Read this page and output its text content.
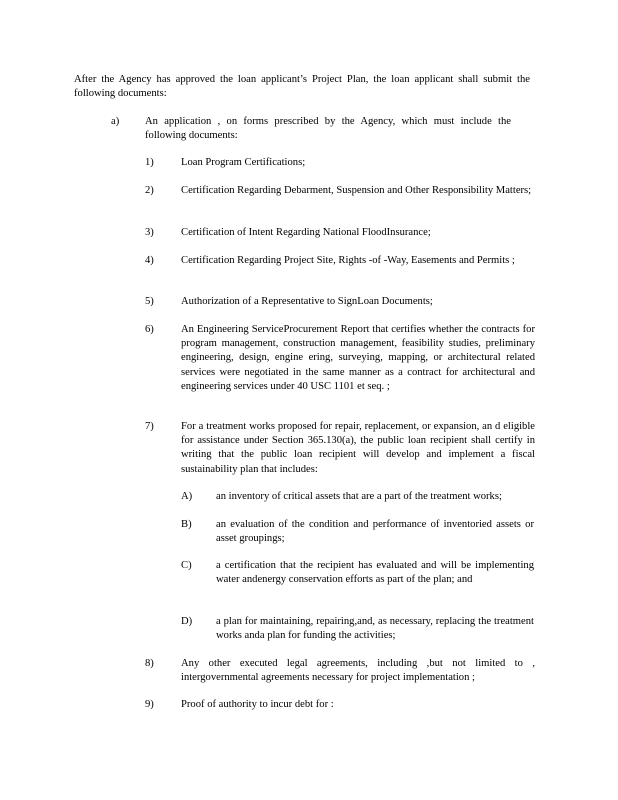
After the Agency has approved the loan applicant’s Project Plan, the loan applicant shall submit the following documents:
a) An application , on forms prescribed by the Agency, which must include the following documents:
1)	Loan Program Certifications;
2)	Certification Regarding Debarment, Suspension and Other Responsibility Matters;
3)	Certification of Intent Regarding National FloodInsurance;
4)	Certification Regarding Project Site, Rights -of -Way, Easements and Permits ;
5)	Authorization of a Representative to SignLoan Documents;
6)	An Engineering ServiceProcurement Report that certifies whether the contracts for program management, construction management, feasibility studies, preliminary engineering, design, engine ering, surveying, mapping, or architectural related services were negotiated in the same manner as a contract for architectural and engineering services under 40 USC 1101 et seq. ;
7)	For a treatment works proposed for repair, replacement, or expansion, an d eligible for assistance under Section 365.130(a), the public loan recipient shall certify in writing that the public loan recipient will develop and implement a fiscal sustainability plan that includes:
A) an inventory of critical assets that are a part of the treatment works;
B) an evaluation of the condition and performance of inventoried assets or asset groupings;
C) a certification that the recipient has evaluated and will be implementing water andenergy conservation efforts as part of the plan; and
D) a plan for maintaining, repairing,and, as necessary, replacing the treatment works anda plan for funding the activities;
8)	Any other executed legal agreements, including ,but not limited to , intergovernmental agreements necessary for project implementation ;
9)	Proof of authority to incur debt for :
